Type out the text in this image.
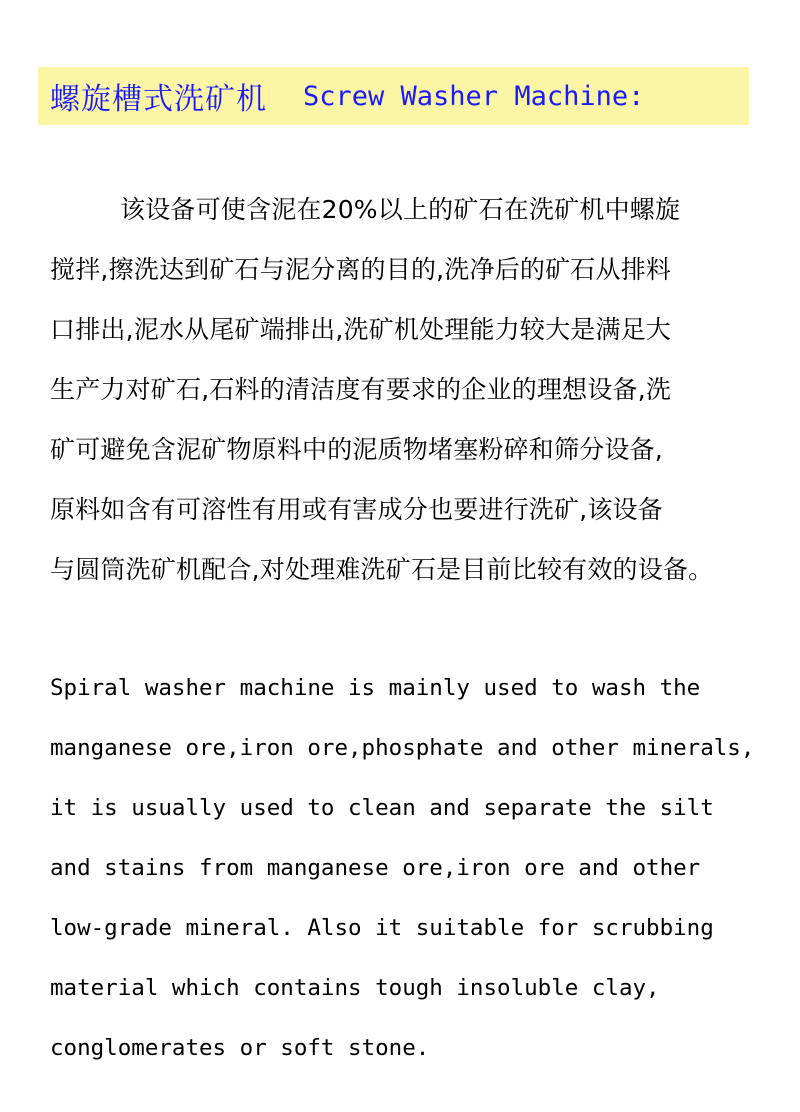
螺旋槽式洗矿机 Screw Washer Machine:
该设备可使含泥在20%以上的矿石在洗矿机中螺旋
搅拌,擦洗达到矿石与泥分离的目的,洗净后的矿石从排料
口排出,泥水从尾矿端排出,洗矿机处理能力较大是满足大
生产力对矿石,石料的清洁度有要求的企业的理想设备,洗
矿可避免含泥矿物原料中的泥质物堵塞粉碎和筛分设备,
原料如含有可溶性有用或有害成分也要进行洗矿,该设备
与圆筒洗矿机配合,对处理难洗矿石是目前比较有效的设备。
Spiral washer machine is mainly used to wash the
manganese ore,iron ore,phosphate and other minerals,
it is usually used to clean and separate the silt
and stains from manganese ore,iron ore and other
low-grade mineral. Also it suitable for scrubbing
material which contains tough insoluble clay,
conglomerates or soft stone.
